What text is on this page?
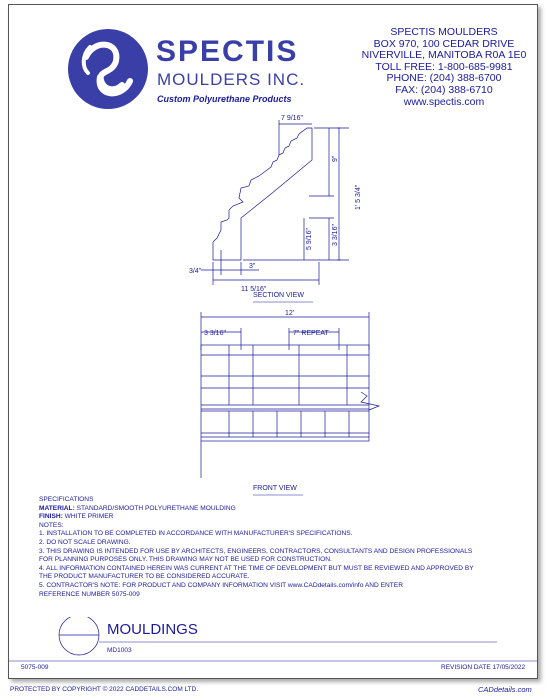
SPECTIS
MOULDERS INC.
Custom Polyurethane Products
SPECTIS MOULDERS
BOX 970, 100 CEDAR DRIVE
NIVERVILLE, MANITOBA R0A 1E0
TOLL FREE: 1-800-685-9981
PHONE: (204) 388-6700
FAX: (204) 388-6710
www.spectis.com
7 9/16"
9"
1' 5 3/4"
3 3/16"
5 9/16"
3/4"
3"
11 5/16"
SECTION VIEW
12'
3 3/16"	7" REPEAT
FRONT VIEW
SPECIFICATIONS
MATERIAL: STANDARD/SMOOTH POLYURETHANE MOULDING
FINISH: WHITE PRIMER
NOTES:
1. INSTALLATION TO BE COMPLETED IN ACCORDANCE WITH MANUFACTURER'S SPECIFICATIONS.
2. DO NOT SCALE DRAWING.
3. THIS DRAWING IS INTENDED FOR USE BY ARCHITECTS, ENGINEERS, CONTRACTORS, CONSULTANTS AND DESIGN PROFESSIONALS
FOR PLANNING PURPOSES ONLY. THIS DRAWING MAY NOT BE USED FOR CONSTRUCTION.
4. ALL INFORMATION CONTAINED HEREIN WAS CURRENT AT THE TIME OF DEVELOPMENT BUT MUST BE REVIEWED AND APPROVED BY
THE PRODUCT MANUFACTURER TO BE CONSIDERED ACCURATE.
5. CONTRACTOR'S NOTE: FOR PRODUCT AND COMPANY INFORMATION VISIT www.CADdetails.com/info AND ENTER
REFERENCE NUMBER 5075-009
MOULDINGS
MD1003
5075-009	REVISION DATE 17/05/2022
PROTECTED BY COPYRIGHT © 2022 CADDETAILS.COM LTD.	CADdetails.com
